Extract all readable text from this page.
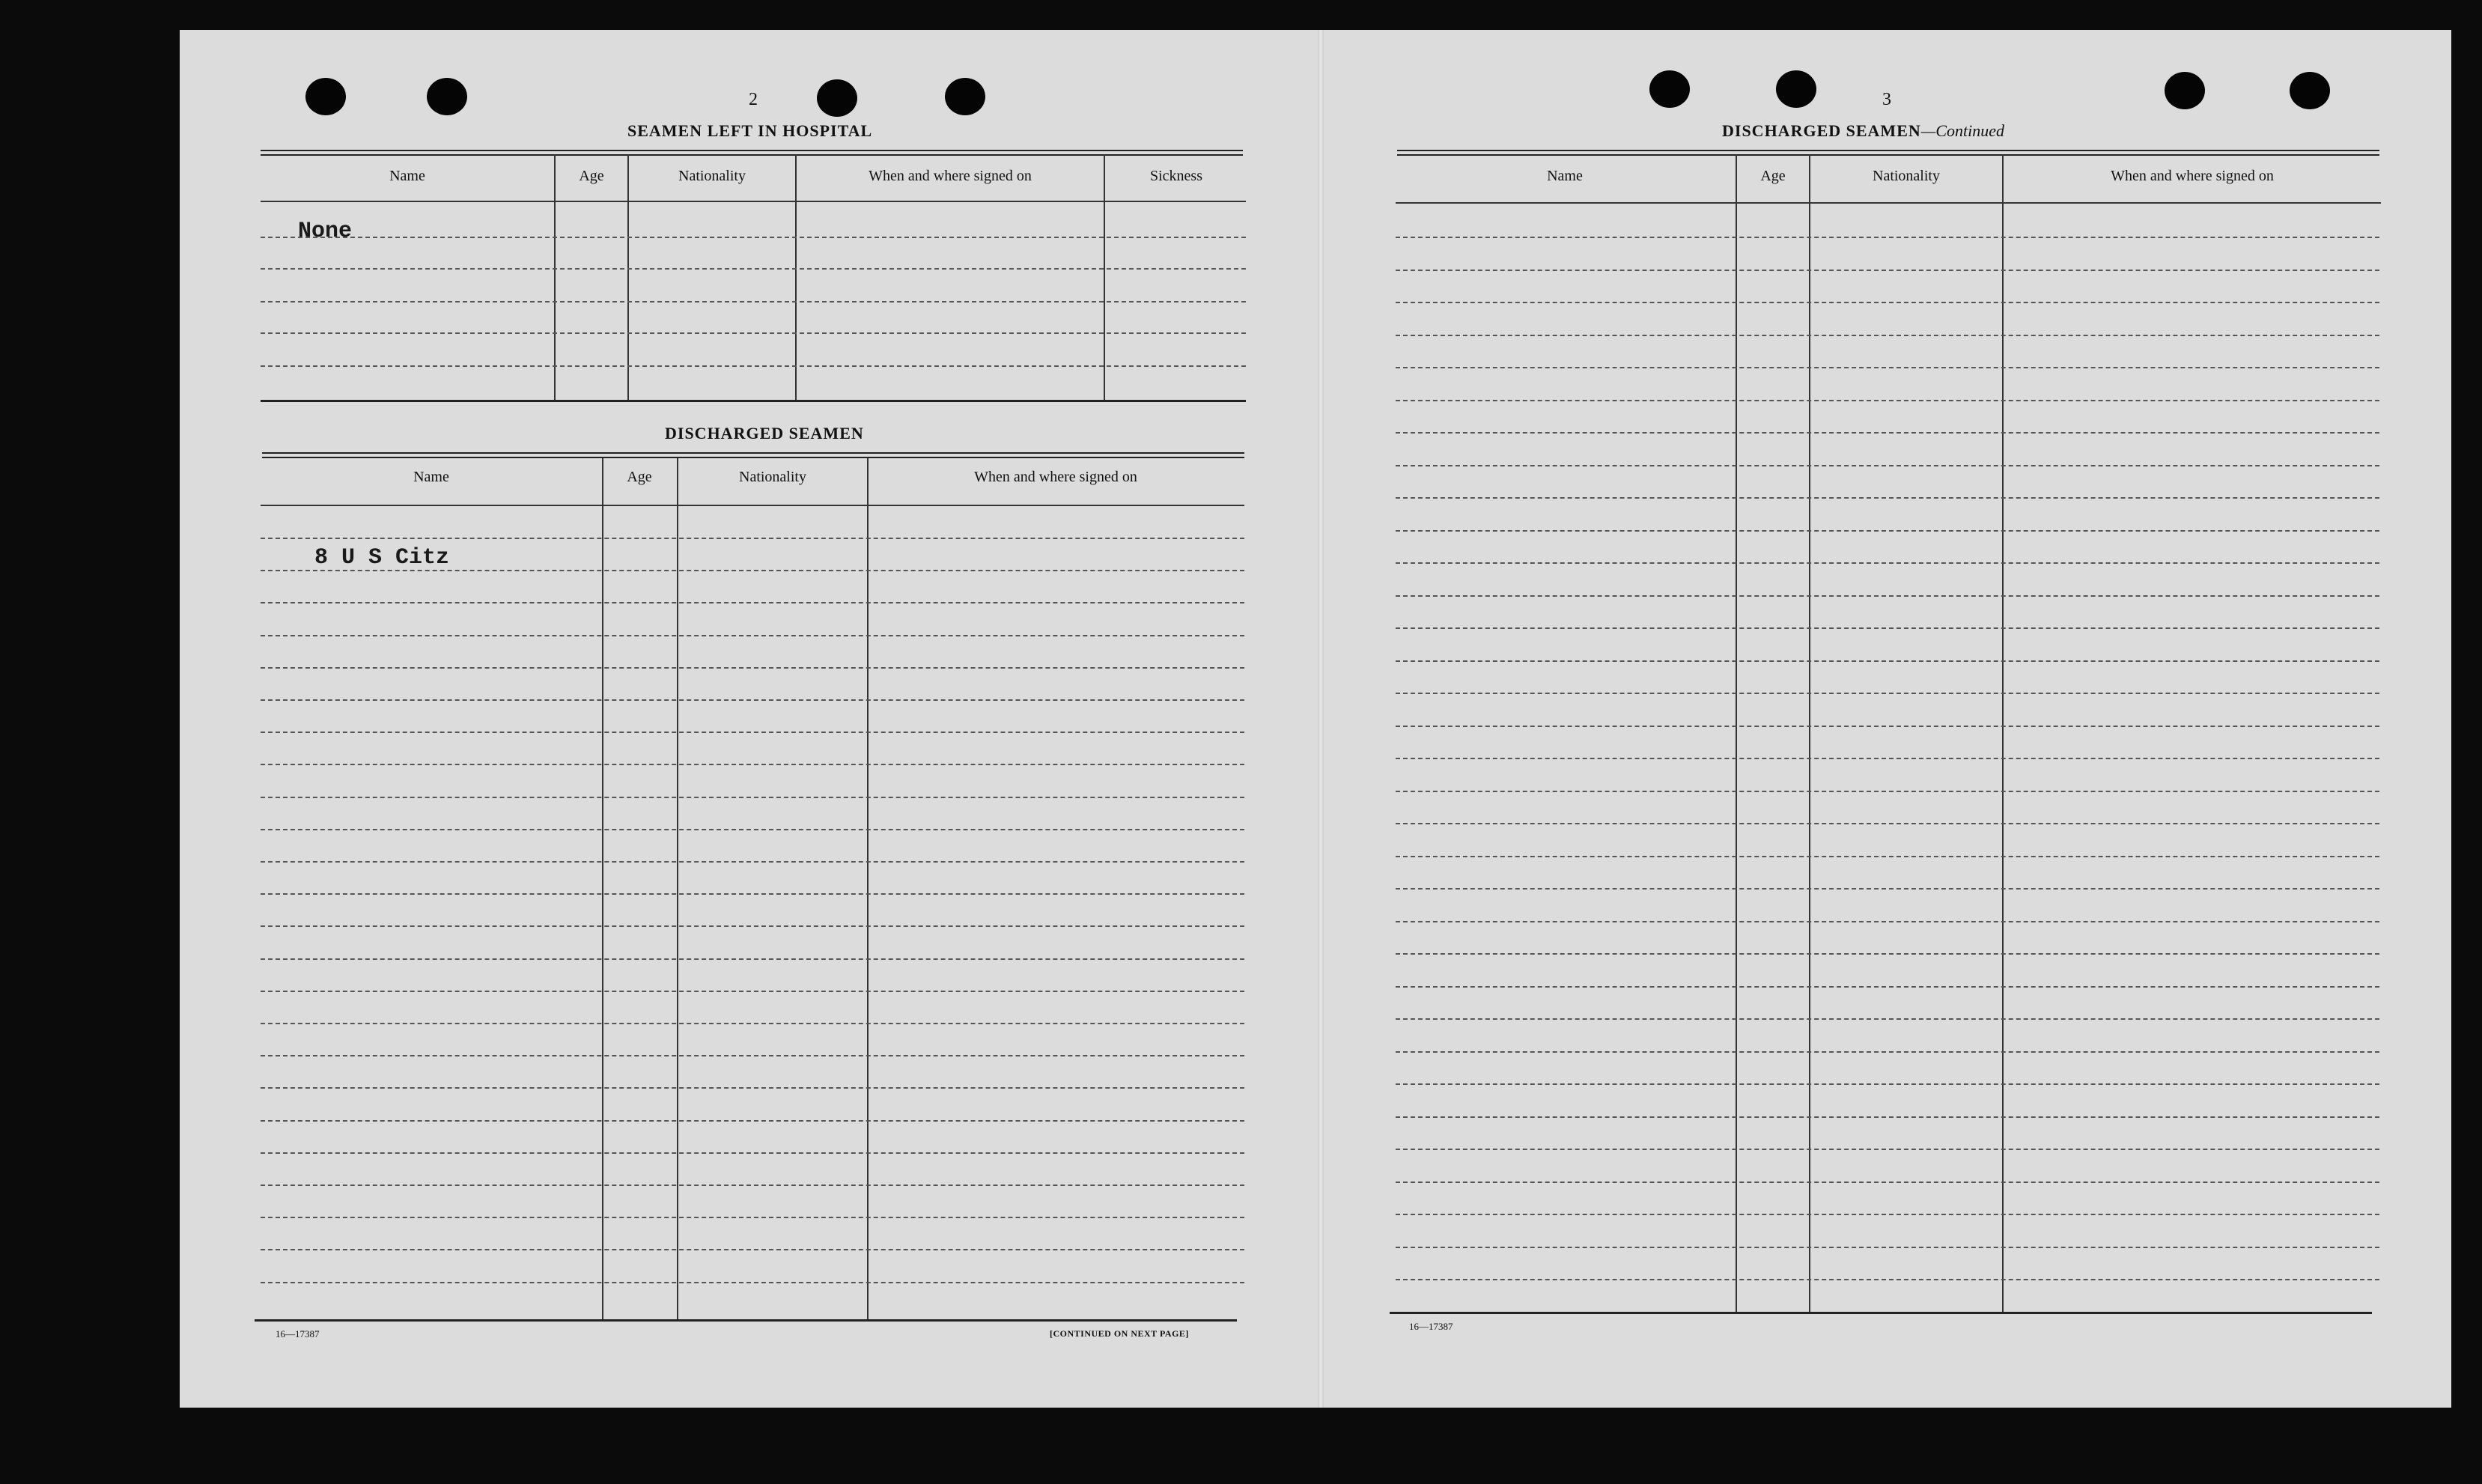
2
SEAMEN LEFT IN HOSPITAL
Name	Age	Nationality	When and where signed on	Sickness
None
DISCHARGED SEAMEN
Name	Age	Nationality	When and where signed on
8 U S Citz
16—17387	[CONTINUED ON NEXT PAGE]
3
DISCHARGED SEAMEN—Continued
Name	Age	Nationality	When and where signed on
16—17387
